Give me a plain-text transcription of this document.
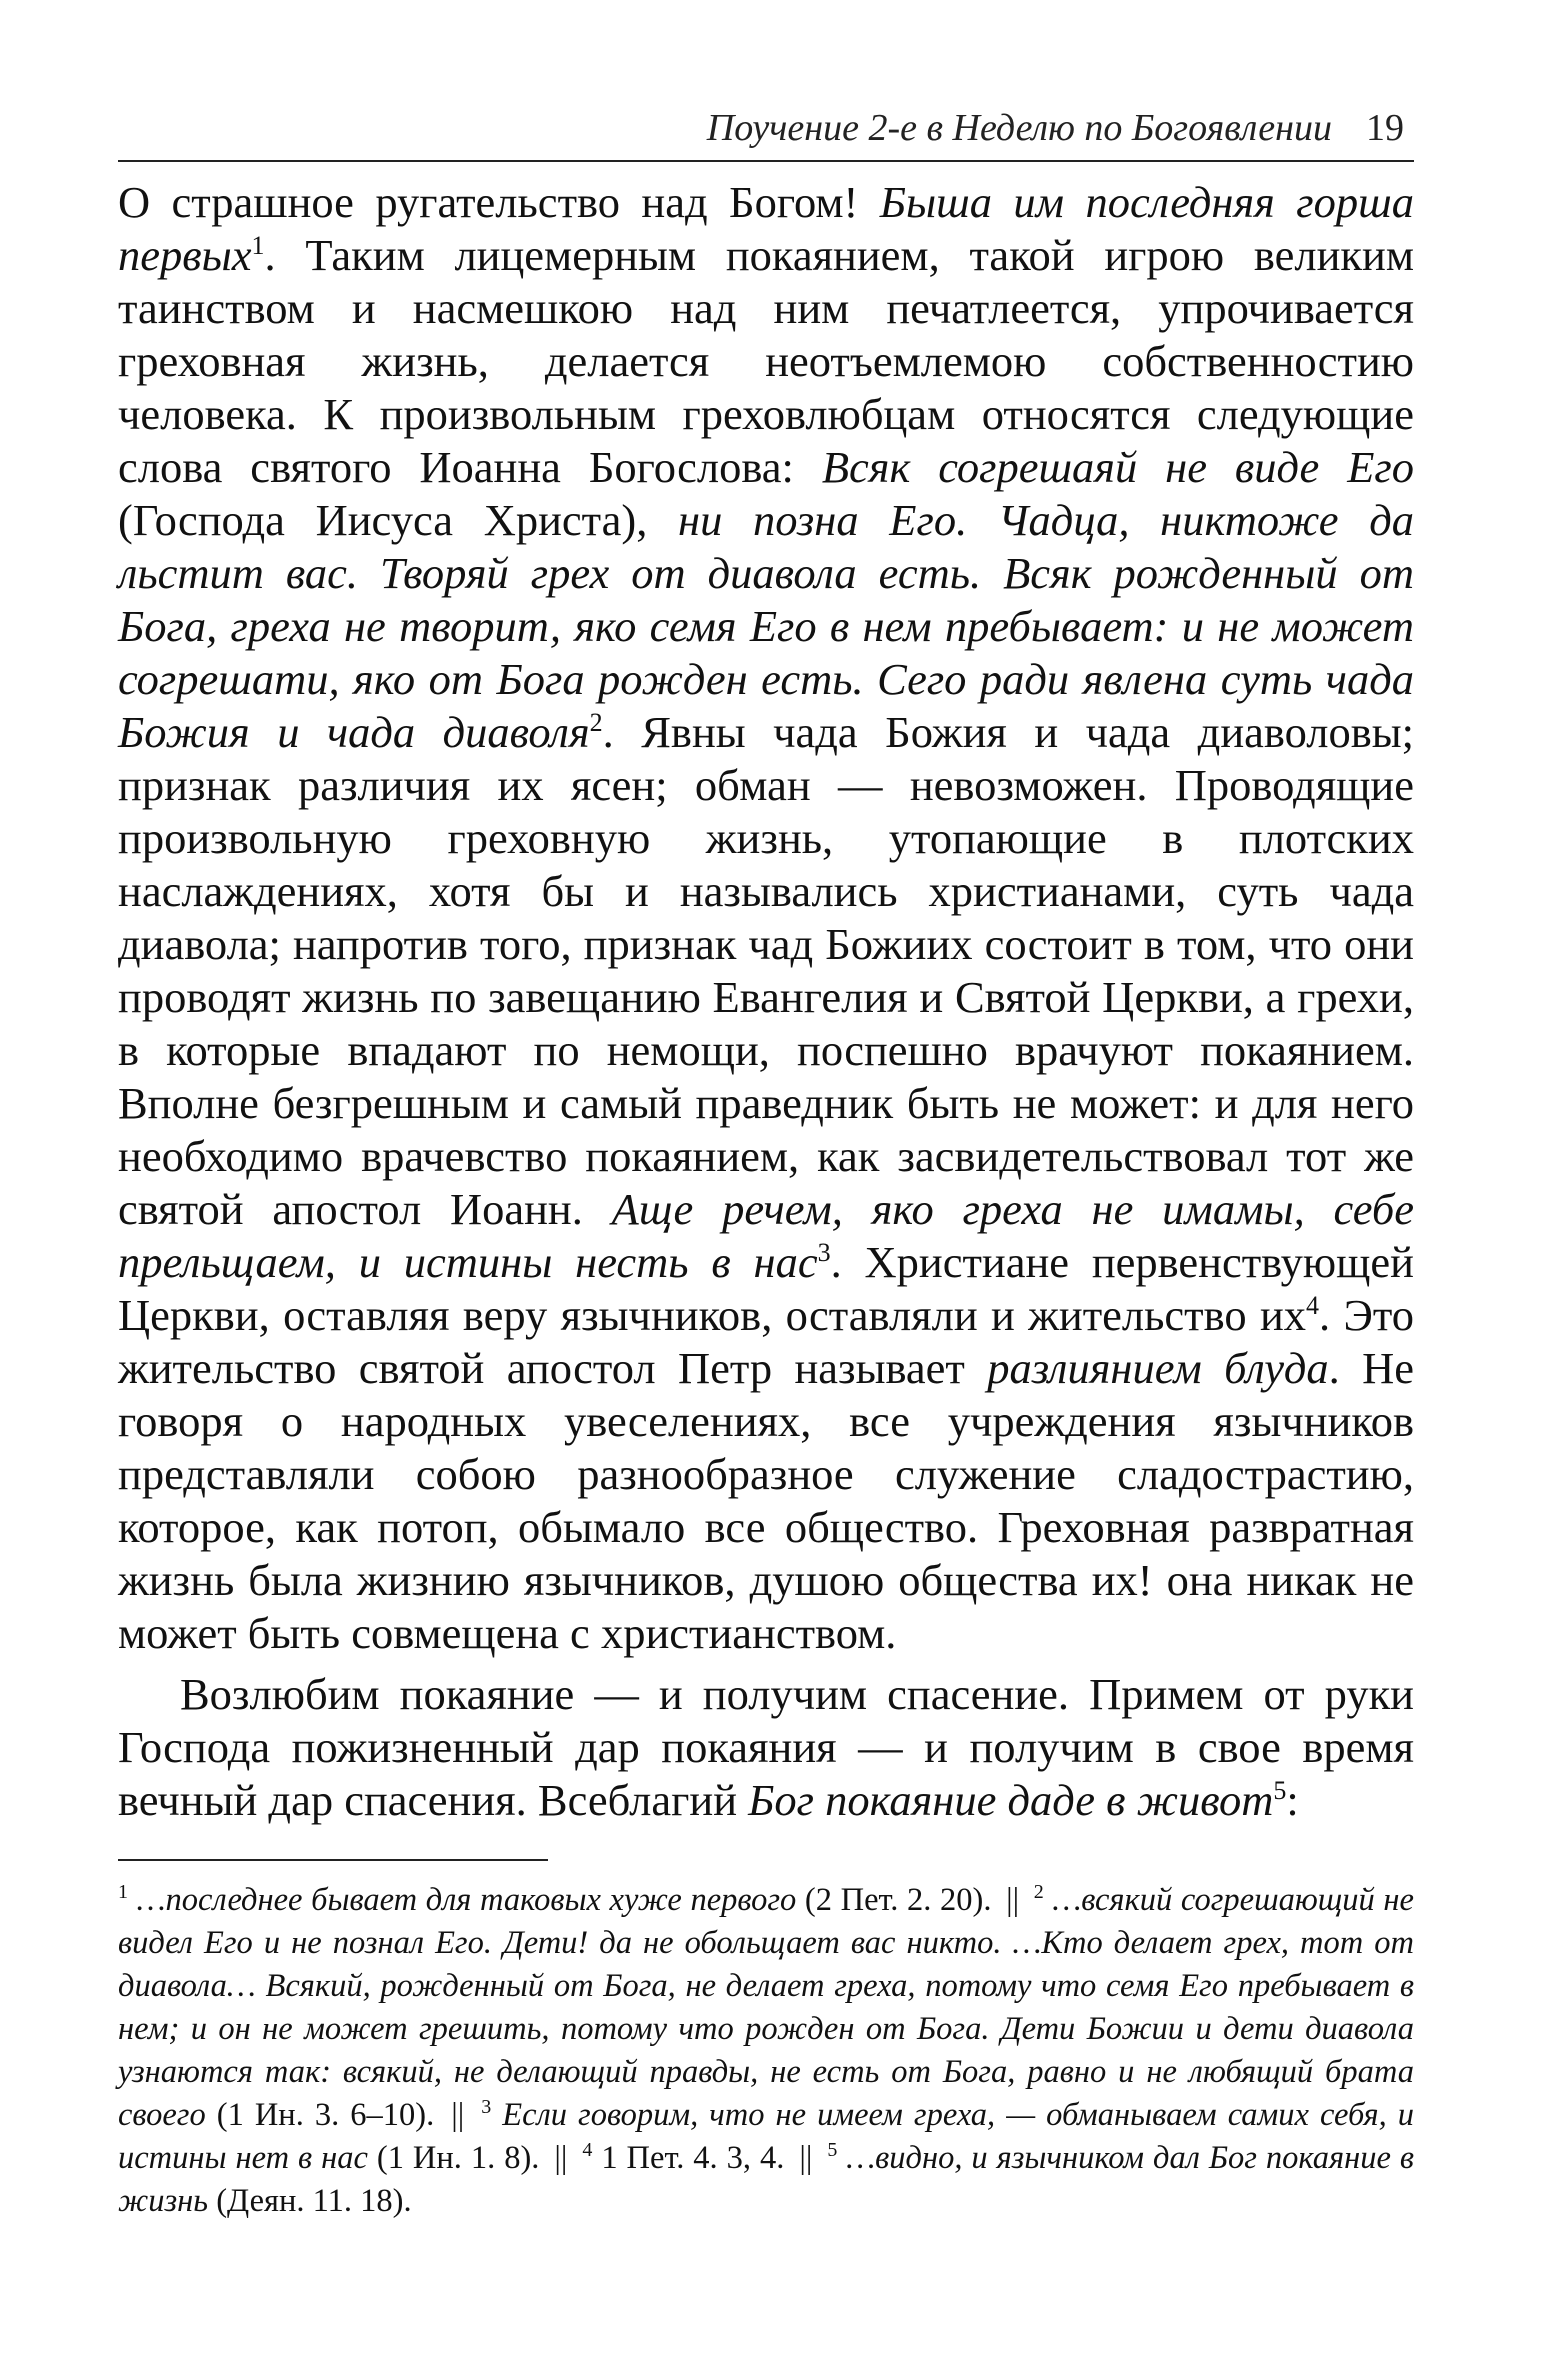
Поучение 2-е в Неделю по Богоявлении 19

О страшное ругательство над Богом! Быша им последняя горша первых$^1$. Таким лицемерным покаянием, такой игрою великим таинством и насмешкою над ним печатлеется, упрочивается греховная жизнь, делается неотъемлемою собственностию человека. К произвольным греховлюбцам относятся следующие слова святого Иоанна Богослова: Всяк согрешаяй не виде Его (Господа Иисуса Христа), ни позна Его. Чадца, никтоже да льстит вас. Творяй грех от диавола есть. Всяк рожденный от Бога, греха не творит, яко семя Его в нем пребывает: и не может согрешати, яко от Бога рожден есть. Сего ради явлена суть чада Божия и чада диаволя$^2$. Явны чада Божия и чада диаволовы; признак различия их ясен; обман — невозможен. Проводящие произвольную греховную жизнь, утопающие в плотских наслаждениях, хотя бы и назывались христианами, суть чада диавола; напротив того, признак чад Божиих состоит в том, что они проводят жизнь по завещанию Евангелия и Святой Церкви, а грехи, в которые впадают по немощи, поспешно врачуют покаянием. Вполне безгрешным и самый праведник быть не может: и для него необходимо врачевство покаянием, как засвидетельствовал тот же святой апостол Иоанн. Аще речем, яко греха не имамы, себе прельщаем, и истины несть в нас$^3$. Христиане первенствующей Церкви, оставляя веру язычников, оставляли и жительство $их^4$. Это жительство святой апостол Петр называет разлиянием блуда. Не говоря о народных увеселениях, все учреждения язычников представляли собою разнообразное служение сладострастию, которое, как потоп, обымало все общество. Греховная развратная жизнь была жизнию язычников, душою общества их! она никак не может быть совмещена с христианством.

Возлюбим покаяние — и получим спасение. Примем от руки Господа пожизненный дар покаяния — и получим в свое время вечный дар спасения. Всеблагий Бог покаяние даде в живот$^5$:

$^1$ …последнее бывает для таковых хуже первого (2 Пет. 2. 20). || $^2$ …всякий согрешающий не видел Его и не познал Его. Дети! да не обольщает вас никто. …Кто делает грех, тот от диавола… Всякий, рожденный от Бога, не делает греха, потому что семя Его пребывает в нем; и он не может грешить, потому что рожден от Бога. Дети Божии и дети диавола узнаются так: всякий, не делающий правды, не есть от Бога, равно и не любящий брата своего (1 Ин. 3. 6–10). || $^3$ Если говорим, что не имеем греха, — обманываем самих себя, и истины нет в нас (1 Ин. 1. 8). || $^4$ 1 Пет. 4. 3, 4. || $^5$ …видно, и язычником дал Бог покаяние в жизнь (Деян. 11. 18).
